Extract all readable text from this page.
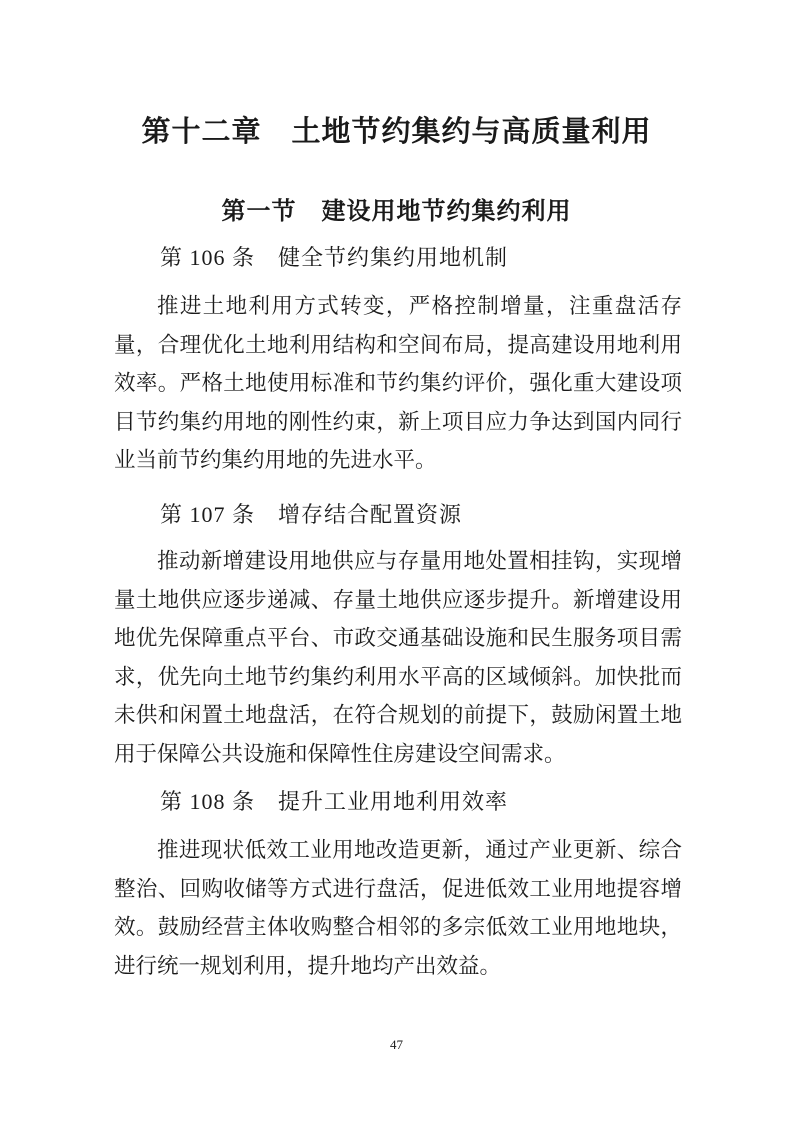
第十二章　土地节约集约与高质量利用
第一节　建设用地节约集约利用
第 106 条　健全节约集约用地机制
推进土地利用方式转变，严格控制增量，注重盘活存量，合理优化土地利用结构和空间布局，提高建设用地利用效率。严格土地使用标准和节约集约评价，强化重大建设项目节约集约用地的刚性约束，新上项目应力争达到国内同行业当前节约集约用地的先进水平。
第 107 条　增存结合配置资源
推动新增建设用地供应与存量用地处置相挂钩，实现增量土地供应逐步递减、存量土地供应逐步提升。新增建设用地优先保障重点平台、市政交通基础设施和民生服务项目需求，优先向土地节约集约利用水平高的区域倾斜。加快批而未供和闲置土地盘活，在符合规划的前提下，鼓励闲置土地用于保障公共设施和保障性住房建设空间需求。
第 108 条　提升工业用地利用效率
推进现状低效工业用地改造更新，通过产业更新、综合整治、回购收储等方式进行盘活，促进低效工业用地提容增效。鼓励经营主体收购整合相邻的多宗低效工业用地地块，进行统一规划利用，提升地均产出效益。
47
